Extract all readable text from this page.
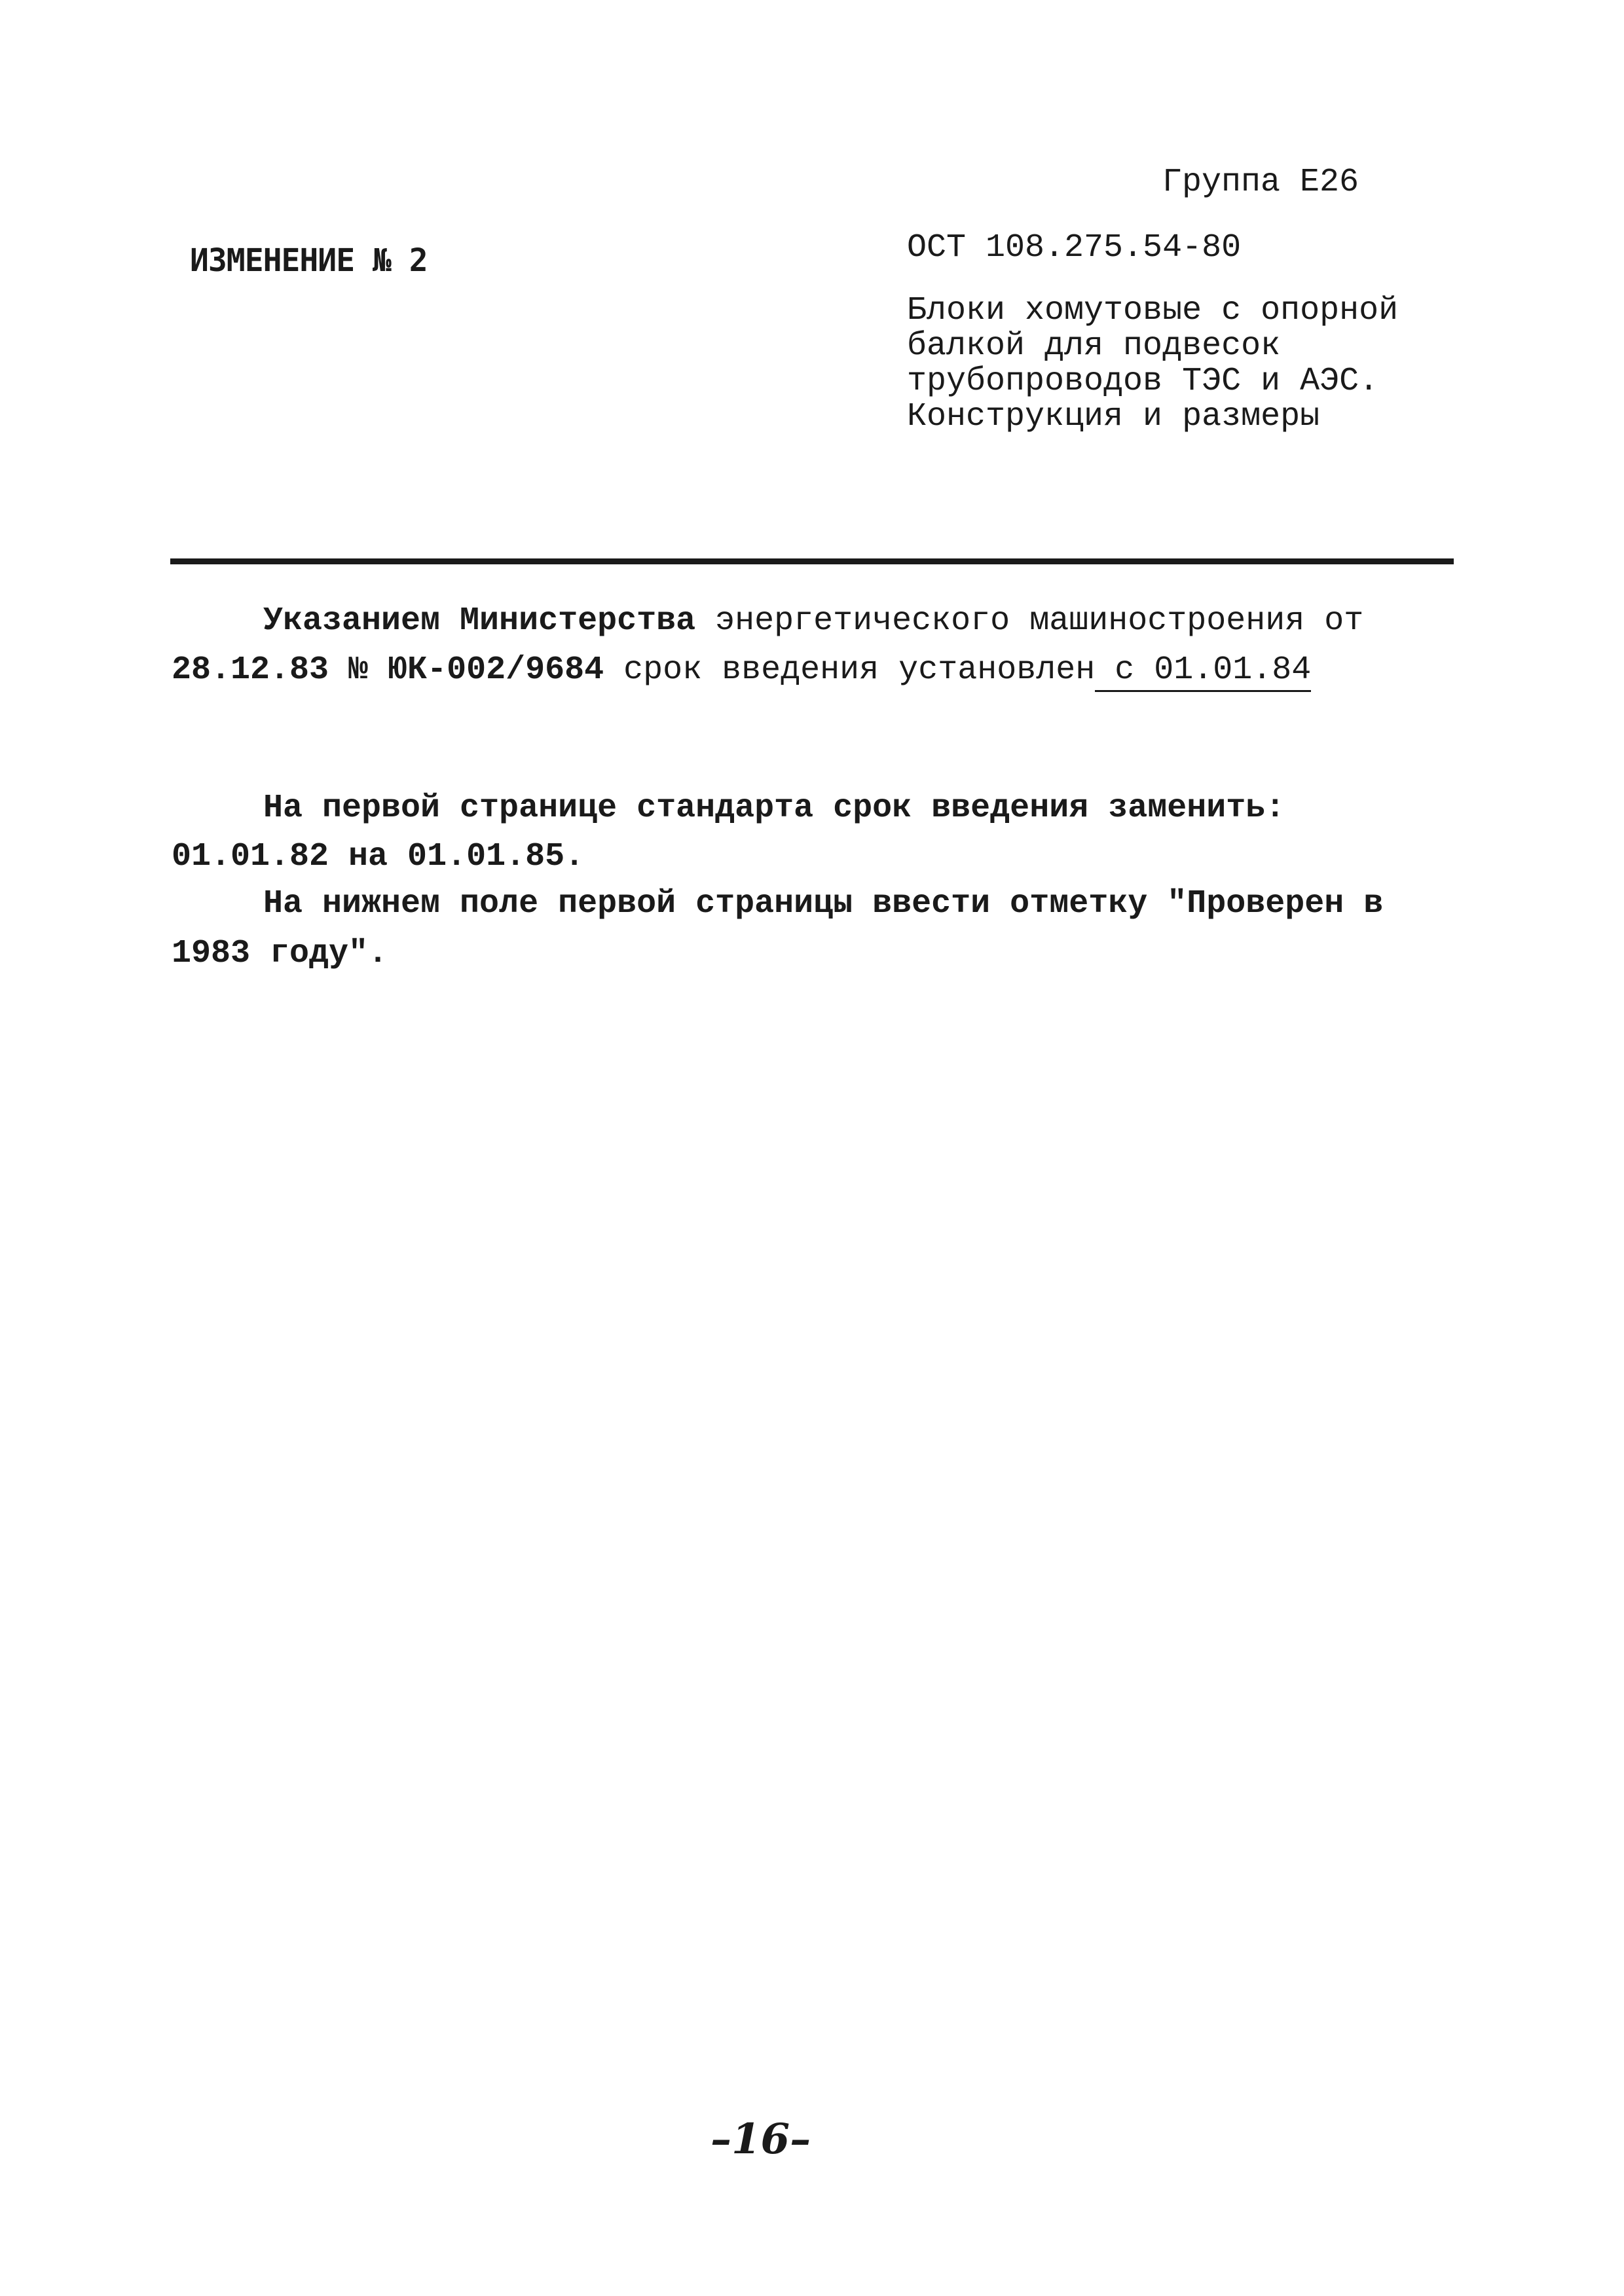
Группа Е26
ИЗМЕНЕНИЕ № 2	ОСТ 108.275.54-80
Блоки хомутовые с опорной
балкой для подвесок
трубопроводов ТЭС и АЭС.
Конструкция и размеры
Указанием Министерства энергетического машиностроения от
28.12.83 № ЮК-002/9684 срок введения установлен с 01.01.84
На первой странице стандарта срок введения заменить:
01.01.82 на 01.01.85.
На нижнем поле первой страницы ввести отметку "Проверен в
1983 году".
–16–
